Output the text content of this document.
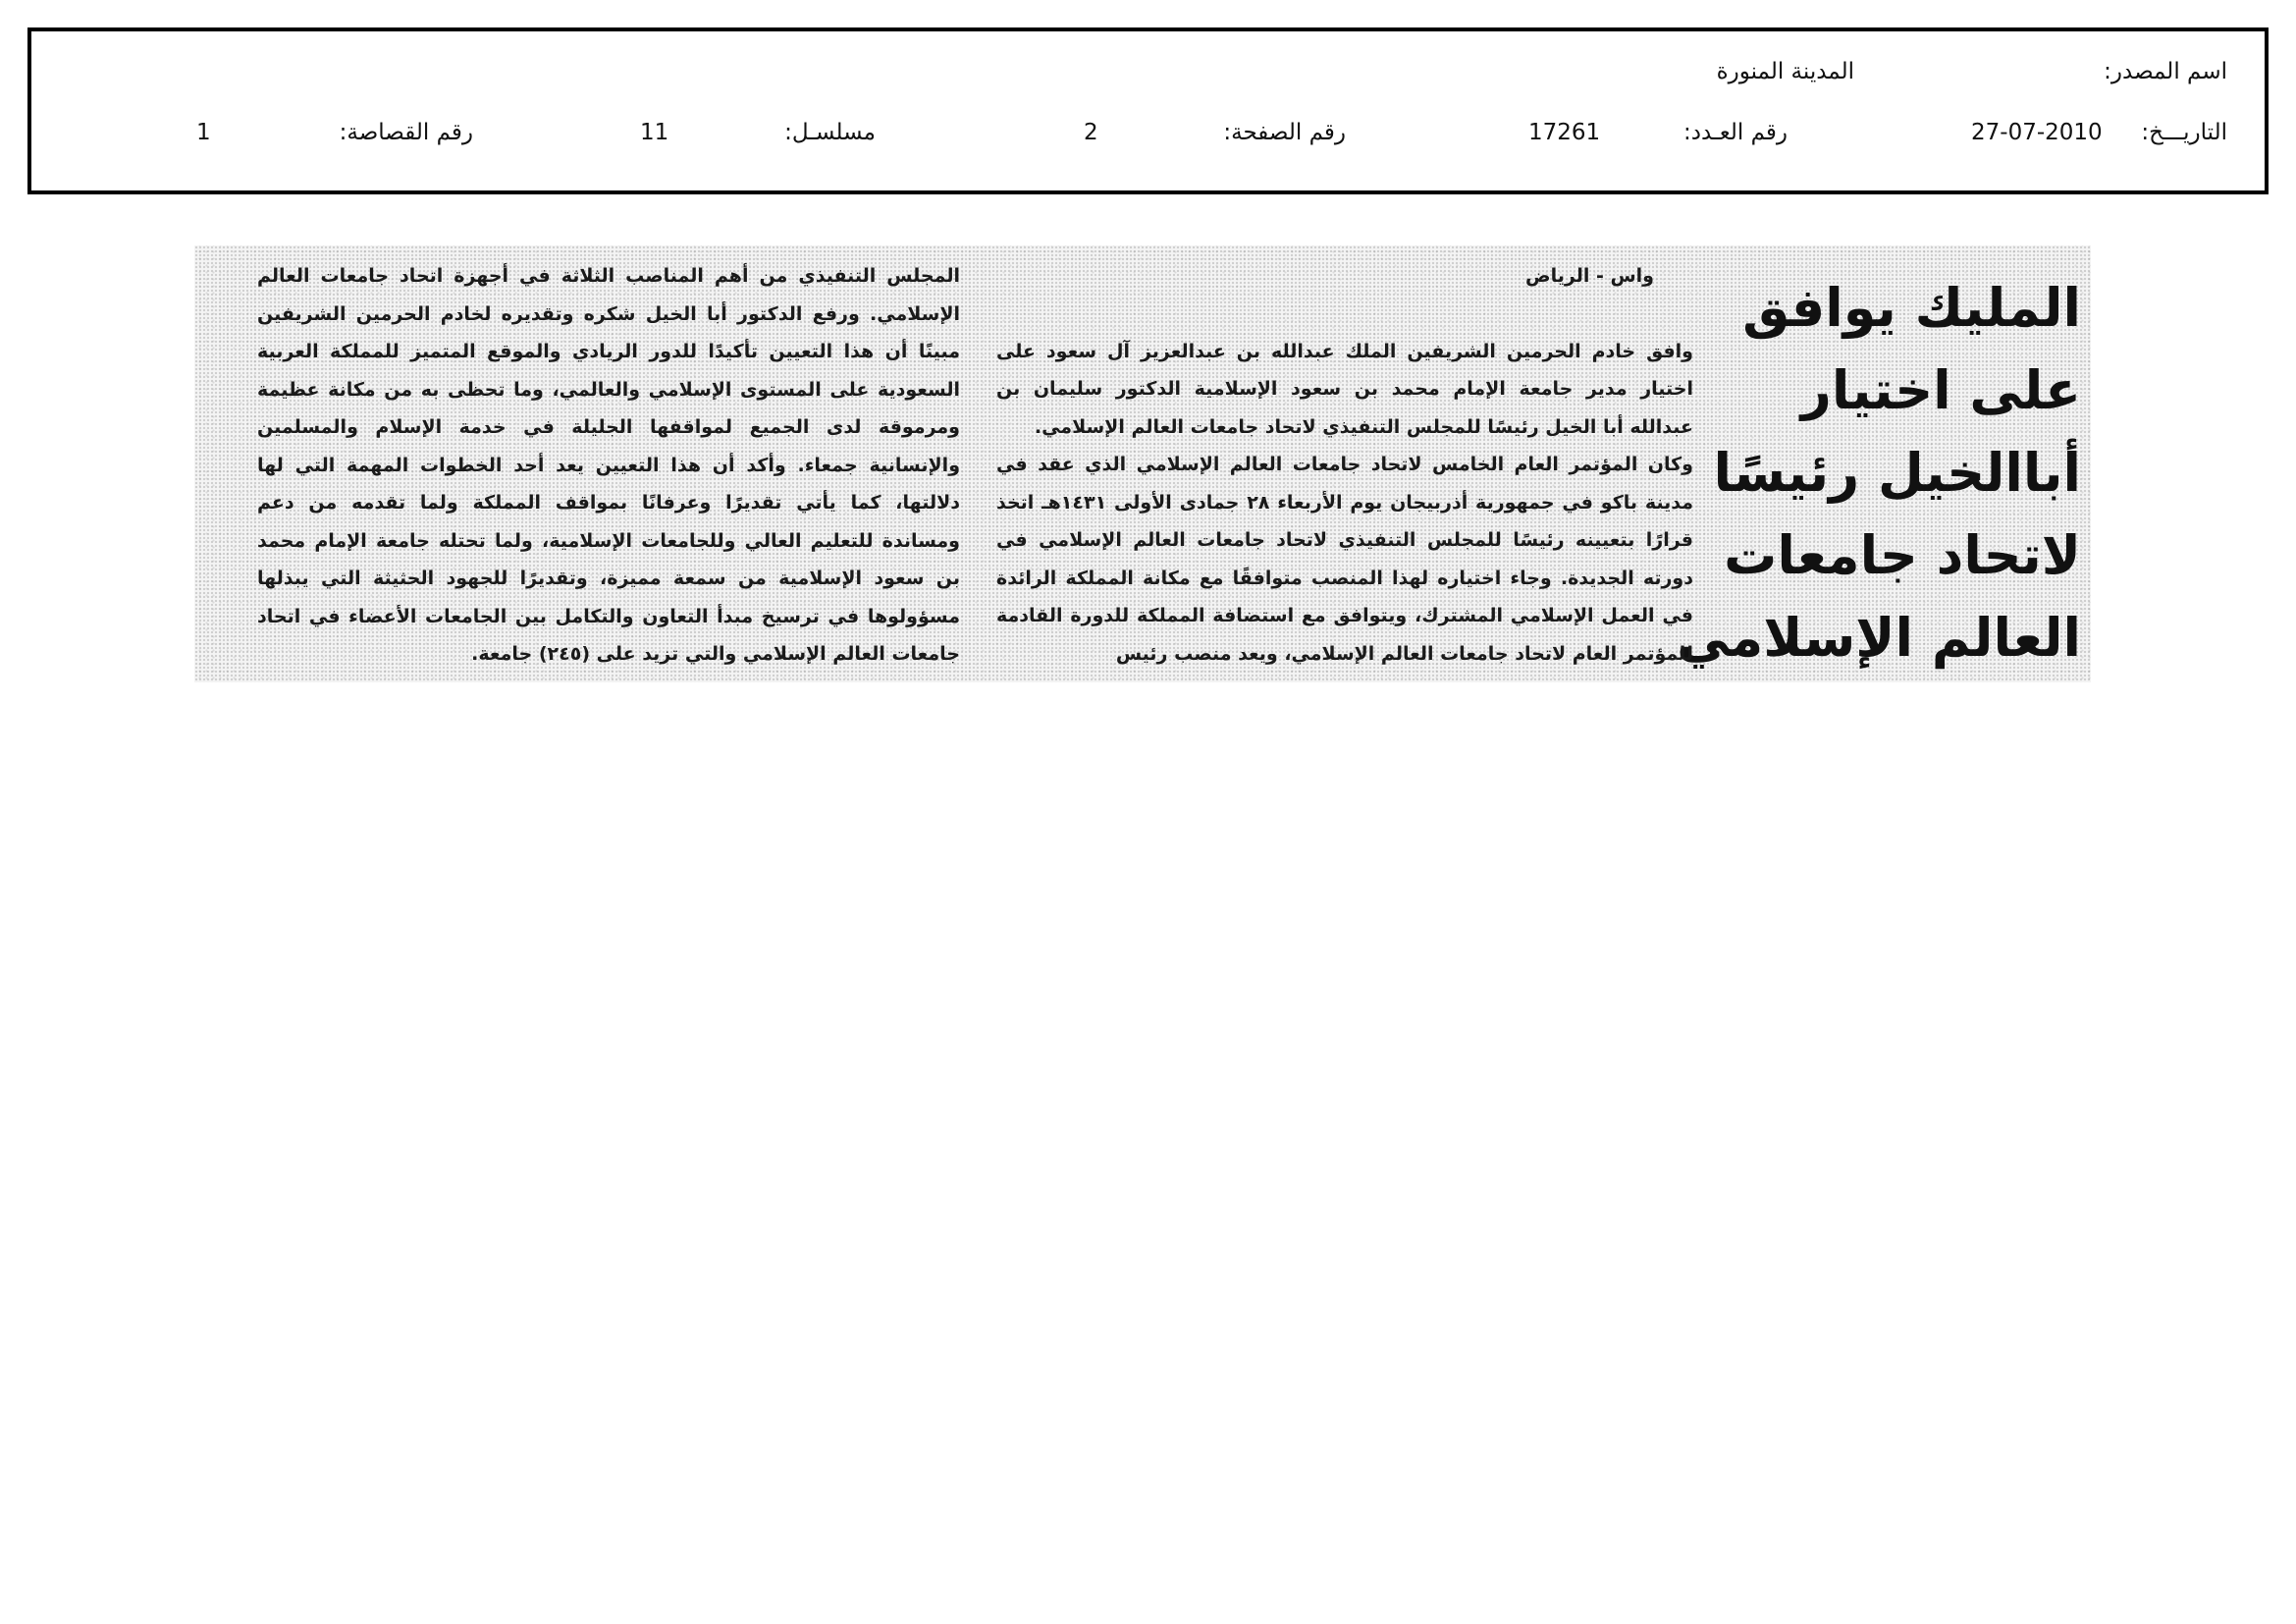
اسم المصدر:
المدينة المنورة
التاريـــخ:
27-07-2010
رقم العـدد:
17261
رقم الصفحة:
2
مسلسـل:
11
رقم القصاصة:
1
المليك يوافق
على اختيار
أباالخيل رئيسًا
لاتحاد جامعات
العالم الإسلامي
واس - الرياض

وافق خادم الحرمين الشريفين الملك عبدالله بن عبدالعزيز آل سعود على اختيار مدير جامعة الإمام محمد بن سعود الإسلامية الدكتور سليمان بن عبدالله أبا الخيل رئيسًا للمجلس التنفيذي لاتحاد جامعات العالم الإسلامي.

وكان المؤتمر العام الخامس لاتحاد جامعات العالم الإسلامي الذي عقد في مدينة باكو في جمهورية أذربيجان يوم الأربعاء ٢٨ جمادى الأولى ١٤٣١هـ اتخذ قرارًا بتعيينه رئيسًا للمجلس التنفيذي لاتحاد جامعات العالم الإسلامي في دورته الجديدة. وجاء اختياره لهذا المنصب متوافقًا مع مكانة المملكة الرائدة في العمل الإسلامي المشترك، ويتوافق مع استضافة المملكة للدورة القادمة للمؤتمر العام لاتحاد جامعات العالم الإسلامي، ويعد منصب رئيس

المجلس التنفيذي من أهم المناصب الثلاثة في أجهزة اتحاد جامعات العالم الإسلامي. ورفع الدكتور أبا الخيل شكره وتقديره لخادم الحرمين الشريفين مبينًا أن هذا التعيين تأكيدًا للدور الريادي والموقع المتميز للمملكة العربية السعودية على المستوى الإسلامي والعالمي، وما تحظى به من مكانة عظيمة ومرموقة لدى الجميع لمواقفها الجليلة في خدمة الإسلام والمسلمين والإنسانية جمعاء. وأكد أن هذا التعيين يعد أحد الخطوات المهمة التي لها دلالتها، كما يأتي تقديرًا وعرفانًا بمواقف المملكة ولما تقدمه من دعم ومساندة للتعليم العالي وللجامعات الإسلامية، ولما تحتله جامعة الإمام محمد بن سعود الإسلامية من سمعة مميزة، وتقديرًا للجهود الحثيثة التي يبذلها مسؤولوها في ترسيخ مبدأ التعاون والتكامل بين الجامعات الأعضاء في اتحاد جامعات العالم الإسلامي والتي تزيد على (٢٤٥) جامعة.
